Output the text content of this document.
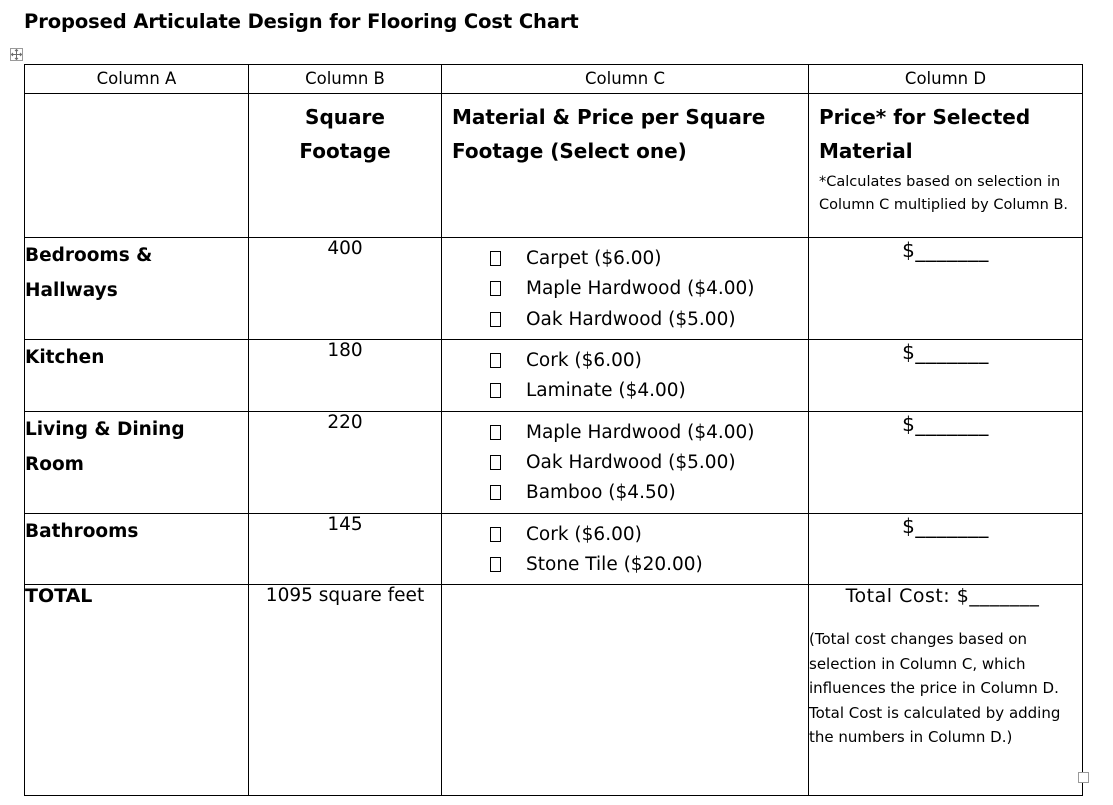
Proposed Articulate Design for Flooring Cost Chart
Column A	Column B	Column C	Column D

	Square Footage	Material & Price per Square Footage (Select one)	Price* for Selected Material
*Calculates based on selection in Column C multiplied by Column B.

Bedrooms & Hallways	400	Carpet ($6.00)
Maple Hardwood ($4.00)
Oak Hardwood ($5.00)	$_______
Kitchen	180	Cork ($6.00)
Laminate ($4.00)	$_______
Living & Dining Room	220	Maple Hardwood ($4.00)
Oak Hardwood ($5.00)
Bamboo ($4.50)	$_______
Bathrooms	145	Cork ($6.00)
Stone Tile ($20.00)	$_______
TOTAL	1095 square feet		Total Cost: $_______
(Total cost changes based on selection in Column C, which influences the price in Column D. Total Cost is calculated by adding the numbers in Column D.)
